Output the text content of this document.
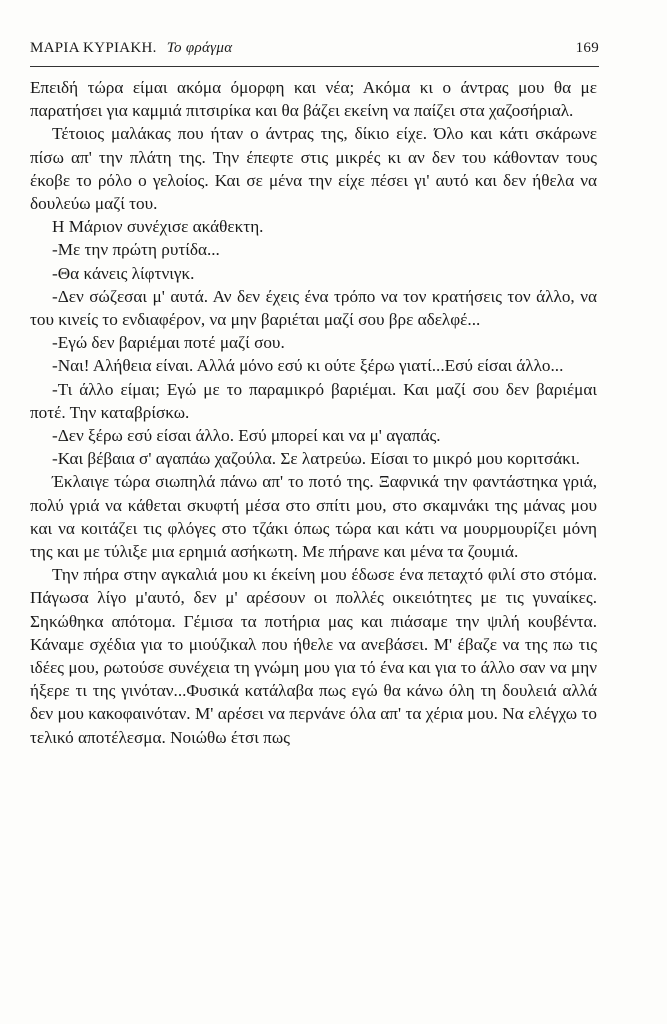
ΜΑΡΙΑ ΚΥΡΙΑΚΗ. Το φράγμα	169

Επειδή τώρα είμαι ακόμα όμορφη και νέα; Ακόμα κι ο άντρας μου θα με παρατήσει για καμμιά πιτσιρίκα και θα βάζει εκείνη να παίζει στα χαζοσήριαλ.

Τέτοιος μαλάκας που ήταν ο άντρας της, δίκιο είχε. Όλο και κάτι σκάρωνε πίσω απ' την πλάτη της. Την έπεφτε στις μικρές κι αν δεν του κάθονταν τους έκοβε το ρόλο ο γελοίος. Και σε μένα την είχε πέσει γι' αυτό και δεν ήθελα να δουλεύω μαζί του.

Η Μάριον συνέχισε ακάθεκτη.

-Με την πρώτη ρυτίδα...

-Θα κάνεις λίφτνιγκ.

-Δεν σώζεσαι μ' αυτά. Αν δεν έχεις ένα τρόπο να τον κρατήσεις τον άλλο, να του κινείς το ενδιαφέρον, να μην βαριέται μαζί σου βρε αδελφέ...

-Εγώ δεν βαριέμαι ποτέ μαζί σου.

-Ναι! Αλήθεια είναι. Αλλά μόνο εσύ κι ούτε ξέρω γιατί...Εσύ είσαι άλλο...

-Τι άλλο είμαι; Εγώ με το παραμικρό βαριέμαι. Και μαζί σου δεν βαριέμαι ποτέ. Την καταβρίσκω.

-Δεν ξέρω εσύ είσαι άλλο. Εσύ μπορεί και να μ' αγαπάς.

-Και βέβαια σ' αγαπάω χαζούλα. Σε λατρεύω. Είσαι το μικρό μου κοριτσάκι.

Έκλαιγε τώρα σιωπηλά πάνω απ' το ποτό της. Ξαφνικά την φαντάστηκα γριά, πολύ γριά να κάθεται σκυφτή μέσα στο σπίτι μου, στο σκαμνάκι της μάνας μου και να κοιτάζει τις φλόγες στο τζάκι όπως τώρα και κάτι να μουρμουρίζει μόνη της και με τύλιξε μια ερημιά ασήκωτη. Με πήρανε και μένα τα ζουμιά.

Την πήρα στην αγκαλιά μου κι έκείνη μου έδωσε ένα πεταχτό φιλί στο στόμα. Πάγωσα λίγο μ'αυτό, δεν μ' αρέσουν οι πολλές οικειότητες με τις γυναίκες. Σηκώθηκα απότομα. Γέμισα τα ποτήρια μας και πιάσαμε την ψιλή κουβέντα. Κάναμε σχέδια για το μιούζικαλ που ήθελε να ανεβάσει. Μ' έβαζε να της πω τις ιδέες μου, ρωτούσε συνέχεια τη γνώμη μου για τό ένα και για το άλλο σαν να μην ήξερε τι της γινόταν...Φυσικά κατάλαβα πως εγώ θα κάνω όλη τη δουλειά αλλά δεν μου κακοφαινόταν. Μ' αρέσει να περνάνε όλα απ' τα χέρια μου. Να ελέγχω το τελικό αποτέλεσμα. Νοιώθω έτσι πως
